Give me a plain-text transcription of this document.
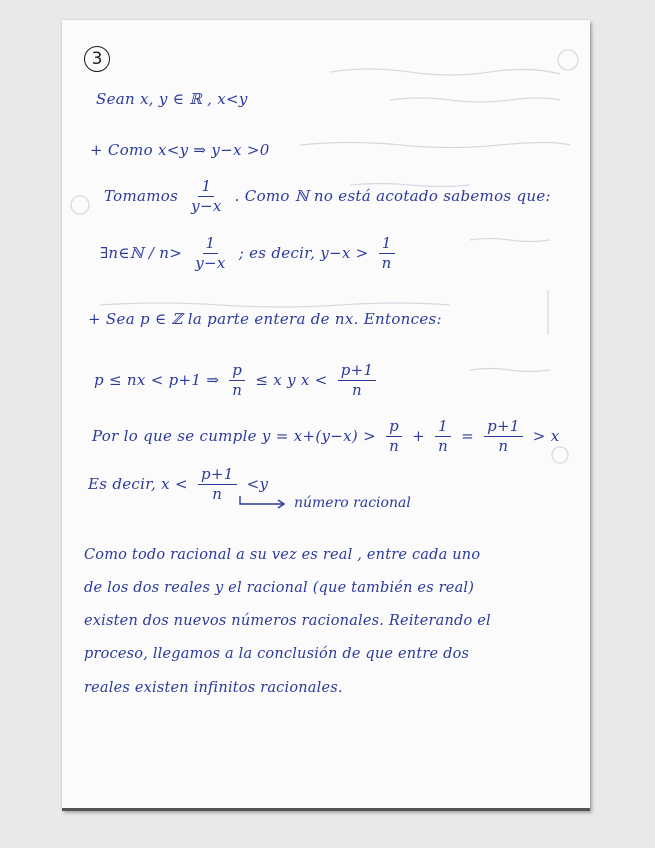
3
Sean x, y ∈ ℝ , x<y
+ Como x<y ⇒ y−x >0
Tomamos $\frac{1}{y-x}$ . Como ℕ no está acotado sabemos que:
∃n∈ℕ / $n> \frac{1}{y-x}$ ; es decir, $y-x > \frac{1}{n}$
+ Sea p ∈ ℤ la parte entera de nx. Entonces:
p ≤ nx < p+1 ⇒ $\frac{p}{n} \le x$ y $x < \frac{p+1}{n}$
Por lo que se cumple $y = x+(y-x) > \frac{p}{n} + \frac{1}{n} = \frac{p+1}{n} > x$
Es decir, $x < \frac{p+1}{n} <y$
número racional
Como todo racional a su vez es real , entre cada uno
de los dos reales y el racional (que también es real)
existen dos nuevos números racionales. Reiterando el
proceso, llegamos a la conclusión de que entre dos
reales existen infinitos racionales.
